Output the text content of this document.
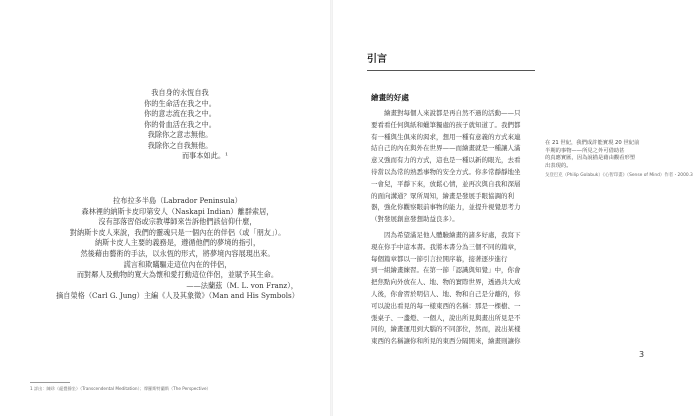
我自身的永恆自我
你的生命活在我之中。
你的意志流在我之中。
你的骨血活在我之中。
我除你之意志無他。
我除你之自我無他。
而事本如此。¹
拉布拉多半島（Labrador Peninsula）
森林裡的納斯卡皮印第安人（Naskapi Indian）離群索居，
沒有部落習俗或宗教導師來告訴他們該信仰什麼，
對納斯卡皮人來說，我們的靈魂只是一個內在的伴侶（或「朋友」）。
納斯卡皮人主要的義務是，遵循他們的夢境的指引，
然後藉由藝術的手法，以永恆的形式，將夢境內容展現出來。
謊言和欺瞞驅走這位內在的伴侶，
而對鄰人及動物的寬大為懷和愛打動這位伴侶，並賦予其生命。
——法蘭茲（M. L. von Franz），
摘自榮格（Carl G. Jung）主編《人及其象徵》（Man and His Symbols）
1 詳出：陳珍（絕覺靜坐）（Transcendental Meditation）；摩羅斯特蘭斯（The Perspective）
引言
繪畫的好處
繪畫對每個人來說都是再自然不過的活動——只
要看看任何與紙和蠟筆獨處的孩子就知道了。我們都
有一種與生俱來的渴求，想用一種有意義的方式來連
結自己的內在與外在世界——而繪畫就是一種讓人滿
意又強而有力的方式，這也是一種以新的眼光，去看
待當以為常的熟悉事物的安全方式。你多常靜靜地坐
一會兒，平靜下來，放鬆心情，並再次與自我和深層
的面向溝通？眾所周知，繪畫是發展手眼協調的利
器，強化你觀察眼前事物的能力，並提升視覺思考力
（對發展創意發想助益良多）。
因為希望滿足他人體驗繪畫的諸多好處，我寫下
現在你手中這本書。我將本書分為三個不同的篇章，
每個篇章都以一節引言拉開序幕，接著逐步進行
到一組繪畫練習。在第一節「認識與知覺」中，你會
把焦點向外放在人、地、物的實際世界，透過共大成
人後，你會習於明信人、地、物和自己是分離的，你
可以說出看見的每一樣東西的名稱：那是一棵樹、一
張桌子、一盞燈、一個人，說出所見與畫出所見是不
同的，繪畫運用到大腦的不同部位，然而，說出某樣
東西的名稱讓你和所見的東西分隔開來，繪畫則讓你
在 21 世紀，我們成許能實現 20 世紀前
半期的事物——所見之外可借助甚
的真應實匯，因為說描是藉由觀看形塑
出表現的。
戈登巴克（Philip Golabuk）《心智印畫》（Sense of Mind）作者・2000.3
3
